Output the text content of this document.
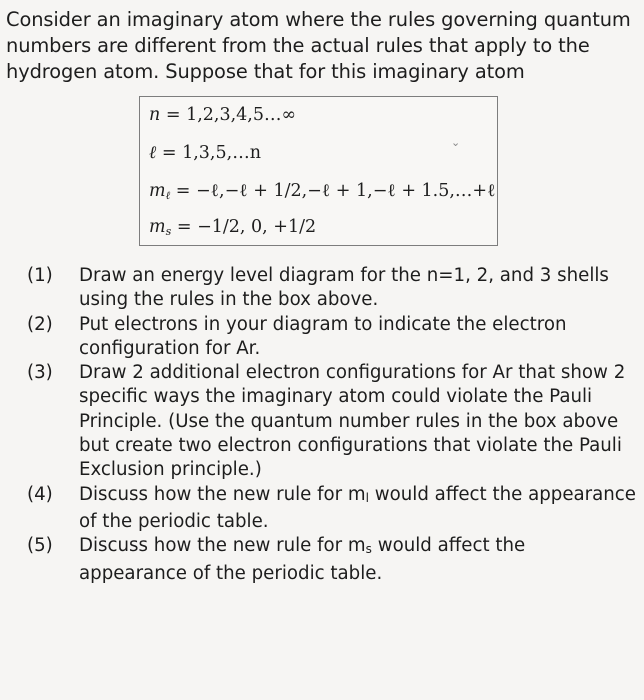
Consider an imaginary atom where the rules governing quantum numbers are different from the actual rules that apply to the hydrogen atom. Suppose that for this imaginary atom
n = 1,2,3,4,5…∞
ℓ = 1,3,5,…n
⌄
$m_\ell$ = −ℓ,−ℓ + 1/2,−ℓ + 1,−ℓ + 1.5,…+ℓ
$m_s = -1/2$, 0, +1/2
(1)	Draw an energy level diagram for the n=1, 2, and 3 shells using the rules in the box above.
(2)	Put electrons in your diagram to indicate the electron configuration for Ar.
(3)	Draw 2 additional electron configurations for Ar that show 2 specific ways the imaginary atom could violate the Pauli Principle. (Use the quantum number rules in the box above but create two electron configurations that violate the Pauli Exclusion principle.)
(4)	Discuss how the new rule for $m_l$ would affect the appearance of the periodic table.
(5)	Discuss how the new rule for $m_s$ would affect the appearance of the periodic table.
